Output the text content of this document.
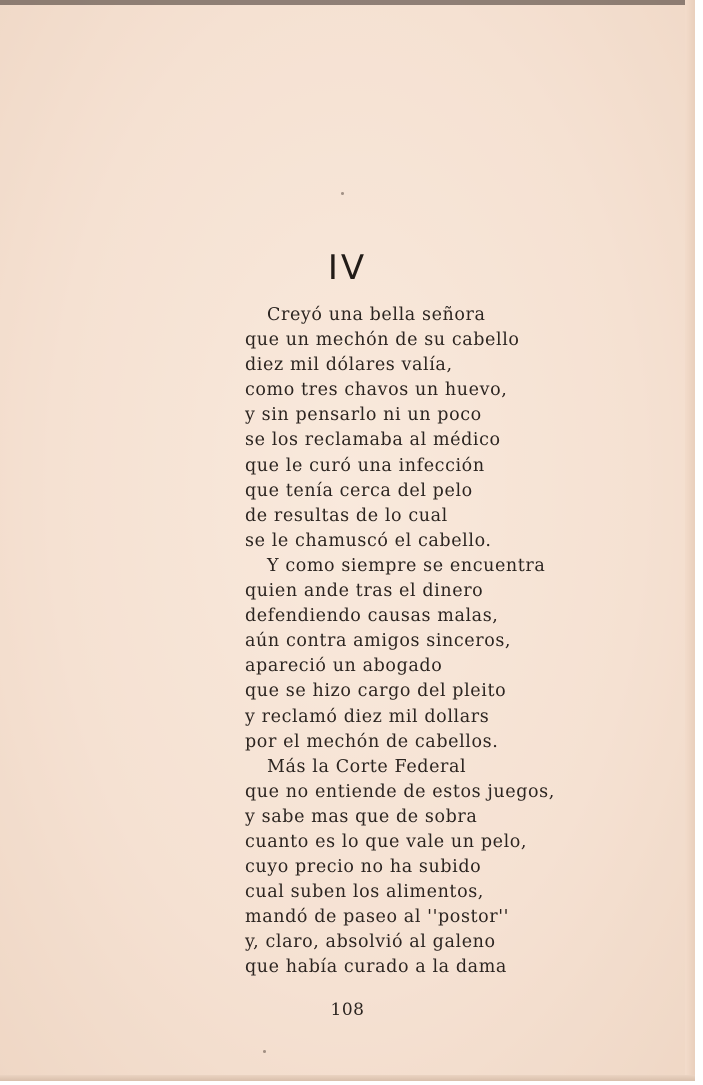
IV
Creyó una bella señora
que un mechón de su cabello
diez mil dólares valía,
como tres chavos un huevo,
y sin pensarlo ni un poco
se los reclamaba al médico
que le curó una infección
que tenía cerca del pelo
de resultas de lo cual
se le chamuscó el cabello.
Y como siempre se encuentra
quien ande tras el dinero
defendiendo causas malas,
aún contra amigos sinceros,
apareció un abogado
que se hizo cargo del pleito
y reclamó diez mil dollars
por el mechón de cabellos.
Más la Corte Federal
que no entiende de estos juegos,
y sabe mas que de sobra
cuanto es lo que vale un pelo,
cuyo precio no ha subido
cual suben los alimentos,
mandó de paseo al ''postor''
y, claro, absolvió al galeno
que había curado a la dama
108
